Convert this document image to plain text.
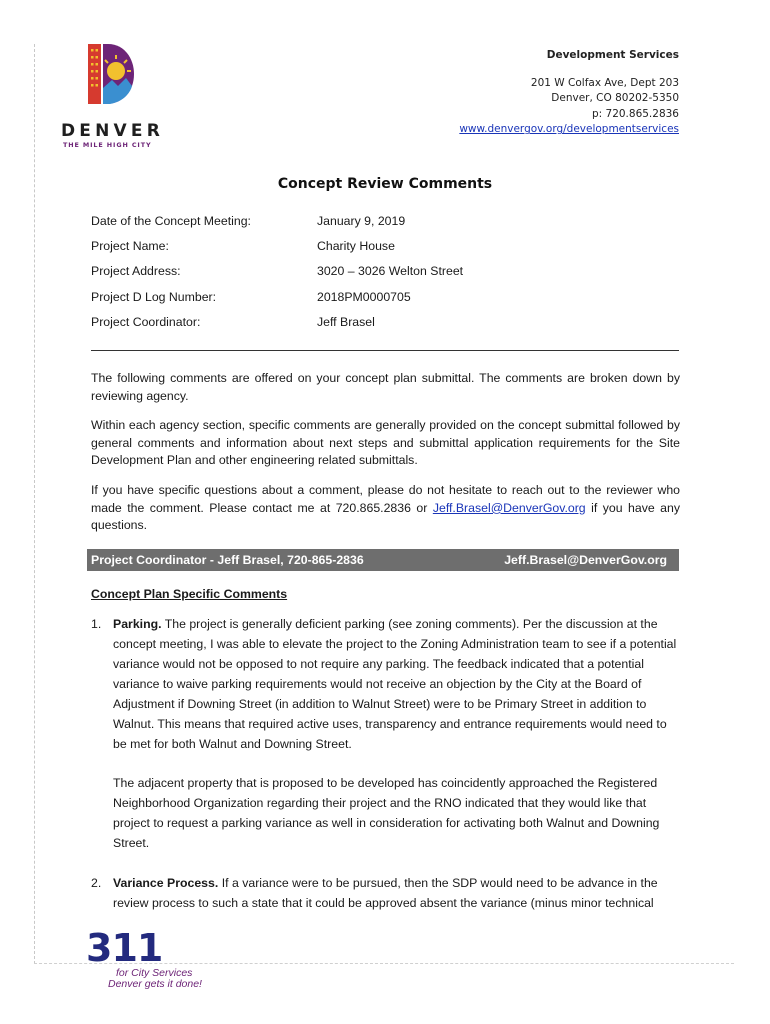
DENVER
THE MILE HIGH CITY
Development Services
201 W Colfax Ave, Dept 203
Denver, CO 80202-5350
p: 720.865.2836
www.denvergov.org/developmentservices
Concept Review Comments
Date of the Concept Meeting:	January 9, 2019
Project Name:	Charity House
Project Address:	3020 – 3026 Welton Street
Project D Log Number:	2018PM0000705
Project Coordinator:	Jeff Brasel
The following comments are offered on your concept plan submittal. The comments are broken down by reviewing agency.
Within each agency section, specific comments are generally provided on the concept submittal followed by general comments and information about next steps and submittal application requirements for the Site Development Plan and other engineering related submittals.
If you have specific questions about a comment, please do not hesitate to reach out to the reviewer who made the comment. Please contact me at 720.865.2836 or Jeff.Brasel@DenverGov.org if you have any questions.
Project Coordinator - Jeff Brasel, 720-865-2836	Jeff.Brasel@DenverGov.org
Concept Plan Specific Comments
1. Parking. The project is generally deficient parking (see zoning comments). Per the discussion at the concept meeting, I was able to elevate the project to the Zoning Administration team to see if a potential variance would not be opposed to not require any parking. The feedback indicated that a potential variance to waive parking requirements would not receive an objection by the City at the Board of Adjustment if Downing Street (in addition to Walnut Street) were to be Primary Street in addition to Walnut. This means that required active uses, transparency and entrance requirements would need to be met for both Walnut and Downing Street.
The adjacent property that is proposed to be developed has coincidently approached the Registered Neighborhood Organization regarding their project and the RNO indicated that they would like that project to request a parking variance as well in consideration for activating both Walnut and Downing Street.
2. Variance Process. If a variance were to be pursued, then the SDP would need to be advance in the review process to such a state that it could be approved absent the variance (minus minor technical
311
for City Services
Denver gets it done!
